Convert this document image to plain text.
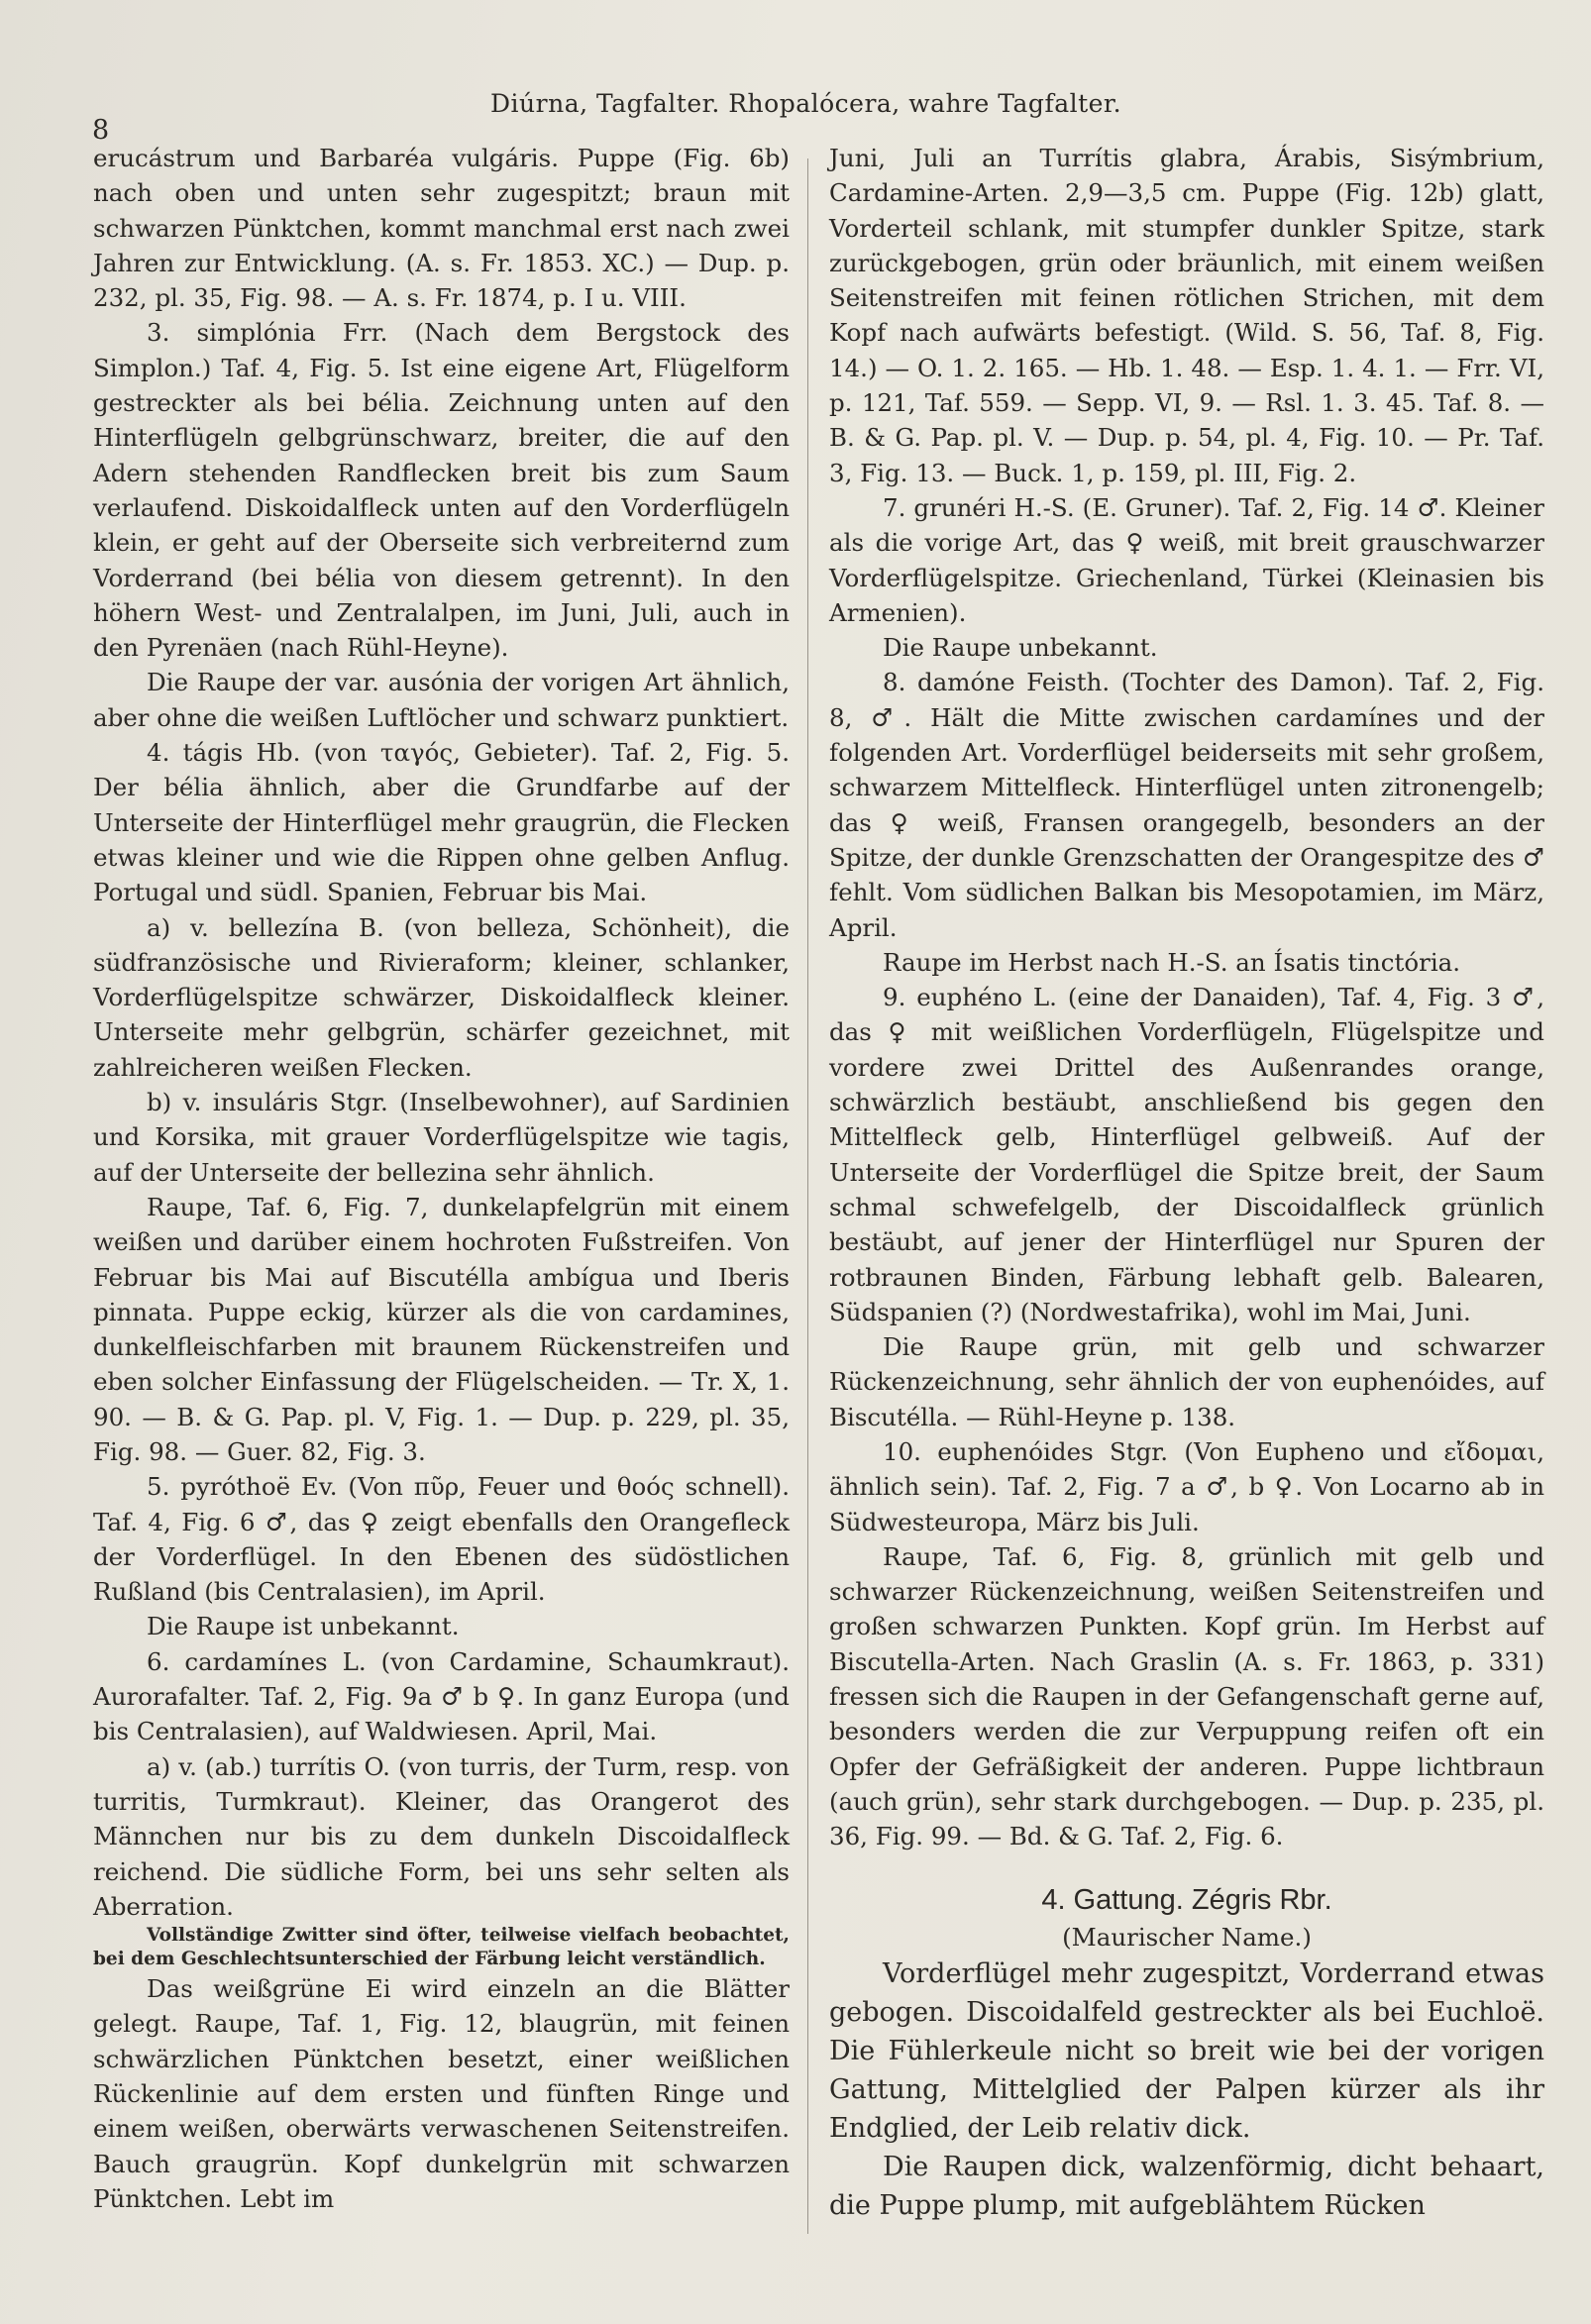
8
Diúrna, Tagfalter. Rhopalócera, wahre Tagfalter.

erucástrum und Barbaréa vulgáris. Puppe (Fig. 6b) nach oben und unten sehr zugespitzt; braun mit schwarzen Pünktchen, kommt manchmal erst nach zwei Jahren zur Entwicklung. (A. s. Fr. 1853. XC.) — Dup. p. 232, pl. 35, Fig. 98. — A. s. Fr. 1874, p. I u. VIII.

3. simplónia Frr. (Nach dem Bergstock des Simplon.) Taf. 4, Fig. 5. Ist eine eigene Art, Flügelform gestreckter als bei bélia. Zeichnung unten auf den Hinterflügeln gelbgrünschwarz, breiter, die auf den Adern stehenden Randflecken breit bis zum Saum verlaufend. Diskoidalfleck unten auf den Vorderflügeln klein, er geht auf der Oberseite sich verbreiternd zum Vorderrand (bei bélia von diesem getrennt). In den höhern West- und Zentralalpen, im Juni, Juli, auch in den Pyrenäen (nach Rühl-Heyne).

Die Raupe der var. ausónia der vorigen Art ähnlich, aber ohne die weißen Luftlöcher und schwarz punktiert.

4. tágis Hb. (von ταγός, Gebieter). Taf. 2, Fig. 5. Der bélia ähnlich, aber die Grundfarbe auf der Unterseite der Hinterflügel mehr graugrün, die Flecken etwas kleiner und wie die Rippen ohne gelben Anflug. Portugal und südl. Spanien, Februar bis Mai.

a) v. bellezína B. (von belleza, Schönheit), die südfranzösische und Rivieraform; kleiner, schlanker, Vorderflügelspitze schwärzer, Diskoidalfleck kleiner. Unterseite mehr gelbgrün, schärfer gezeichnet, mit zahlreicheren weißen Flecken.

b) v. insuláris Stgr. (Inselbewohner), auf Sardinien und Korsika, mit grauer Vorderflügelspitze wie tagis, auf der Unterseite der bellezina sehr ähnlich.

Raupe, Taf. 6, Fig. 7, dunkelapfelgrün mit einem weißen und darüber einem hochroten Fußstreifen. Von Februar bis Mai auf Biscutélla ambígua und Iberis pinnata. Puppe eckig, kürzer als die von cardamines, dunkelfleischfarben mit braunem Rückenstreifen und eben solcher Einfassung der Flügelscheiden. — Tr. X, 1. 90. — B. & G. Pap. pl. V, Fig. 1. — Dup. p. 229, pl. 35, Fig. 98. — Guer. 82, Fig. 3.

5. pyróthoë Ev. (Von πῦρ, Feuer und θοός schnell). Taf. 4, Fig. 6 ♂, das ♀ zeigt ebenfalls den Orangefleck der Vorderflügel. In den Ebenen des südöstlichen Rußland (bis Centralasien), im April.

Die Raupe ist unbekannt.

6. cardamínes L. (von Cardamine, Schaumkraut). Aurorafalter. Taf. 2, Fig. 9a ♂ b ♀. In ganz Europa (und bis Centralasien), auf Waldwiesen. April, Mai.

a) v. (ab.) turrítis O. (von turris, der Turm, resp. von turritis, Turmkraut). Kleiner, das Orangerot des Männchen nur bis zu dem dunkeln Discoidalfleck reichend. Die südliche Form, bei uns sehr selten als Aberration.

Vollständige Zwitter sind öfter, teilweise vielfach beobachtet, bei dem Geschlechtsunterschied der Färbung leicht verständlich.

Das weißgrüne Ei wird einzeln an die Blätter gelegt. Raupe, Taf. 1, Fig. 12, blaugrün, mit feinen schwärzlichen Pünktchen besetzt, einer weißlichen Rückenlinie auf dem ersten und fünften Ringe und einem weißen, oberwärts verwaschenen Seitenstreifen. Bauch graugrün. Kopf dunkelgrün mit schwarzen Pünktchen. Lebt im

Juni, Juli an Turrítis glabra, Árabis, Sisýmbrium, Cardamine-Arten. 2,9—3,5 cm. Puppe (Fig. 12b) glatt, Vorderteil schlank, mit stumpfer dunkler Spitze, stark zurückgebogen, grün oder bräunlich, mit einem weißen Seitenstreifen mit feinen rötlichen Strichen, mit dem Kopf nach aufwärts befestigt. (Wild. S. 56, Taf. 8, Fig. 14.) — O. 1. 2. 165. — Hb. 1. 48. — Esp. 1. 4. 1. — Frr. VI, p. 121, Taf. 559. — Sepp. VI, 9. — Rsl. 1. 3. 45. Taf. 8. — B. & G. Pap. pl. V. — Dup. p. 54, pl. 4, Fig. 10. — Pr. Taf. 3, Fig. 13. — Buck. 1, p. 159, pl. III, Fig. 2.

7. grunéri H.-S. (E. Gruner). Taf. 2, Fig. 14 ♂. Kleiner als die vorige Art, das ♀ weiß, mit breit grauschwarzer Vorderflügelspitze. Griechenland, Türkei (Kleinasien bis Armenien).

Die Raupe unbekannt.

8. damóne Feisth. (Tochter des Damon). Taf. 2, Fig. 8, ♂. Hält die Mitte zwischen cardamínes und der folgenden Art. Vorderflügel beiderseits mit sehr großem, schwarzem Mittelfleck. Hinterflügel unten zitronengelb; das ♀ weiß, Fransen orangegelb, besonders an der Spitze, der dunkle Grenzschatten der Orangespitze des ♂ fehlt. Vom südlichen Balkan bis Mesopotamien, im März, April.

Raupe im Herbst nach H.-S. an Ísatis tinctória.

9. euphéno L. (eine der Danaiden), Taf. 4, Fig. 3 ♂, das ♀ mit weißlichen Vorderflügeln, Flügelspitze und vordere zwei Drittel des Außenrandes orange, schwärzlich bestäubt, anschließend bis gegen den Mittelfleck gelb, Hinterflügel gelbweiß. Auf der Unterseite der Vorderflügel die Spitze breit, der Saum schmal schwefelgelb, der Discoidalfleck grünlich bestäubt, auf jener der Hinterflügel nur Spuren der rotbraunen Binden, Färbung lebhaft gelb. Balearen, Südspanien (?) (Nordwestafrika), wohl im Mai, Juni.

Die Raupe grün, mit gelb und schwarzer Rückenzeichnung, sehr ähnlich der von euphenóides, auf Biscutélla. — Rühl-Heyne p. 138.

10. euphenóides Stgr. (Von Eupheno und εἴδομαι, ähnlich sein). Taf. 2, Fig. 7 a ♂, b ♀. Von Locarno ab in Südwesteuropa, März bis Juli.

Raupe, Taf. 6, Fig. 8, grünlich mit gelb und schwarzer Rückenzeichnung, weißen Seitenstreifen und großen schwarzen Punkten. Kopf grün. Im Herbst auf Biscutella-Arten. Nach Graslin (A. s. Fr. 1863, p. 331) fressen sich die Raupen in der Gefangenschaft gerne auf, besonders werden die zur Verpuppung reifen oft ein Opfer der Gefräßigkeit der anderen. Puppe lichtbraun (auch grün), sehr stark durchgebogen. — Dup. p. 235, pl. 36, Fig. 99. — Bd. & G. Taf. 2, Fig. 6.

4. Gattung. Zégris Rbr.

(Maurischer Name.)

Vorderflügel mehr zugespitzt, Vorderrand etwas gebogen. Discoidalfeld gestreckter als bei Euchloë. Die Fühlerkeule nicht so breit wie bei der vorigen Gattung, Mittelglied der Palpen kürzer als ihr Endglied, der Leib relativ dick.

Die Raupen dick, walzenförmig, dicht behaart, die Puppe plump, mit aufgeblähtem Rücken
